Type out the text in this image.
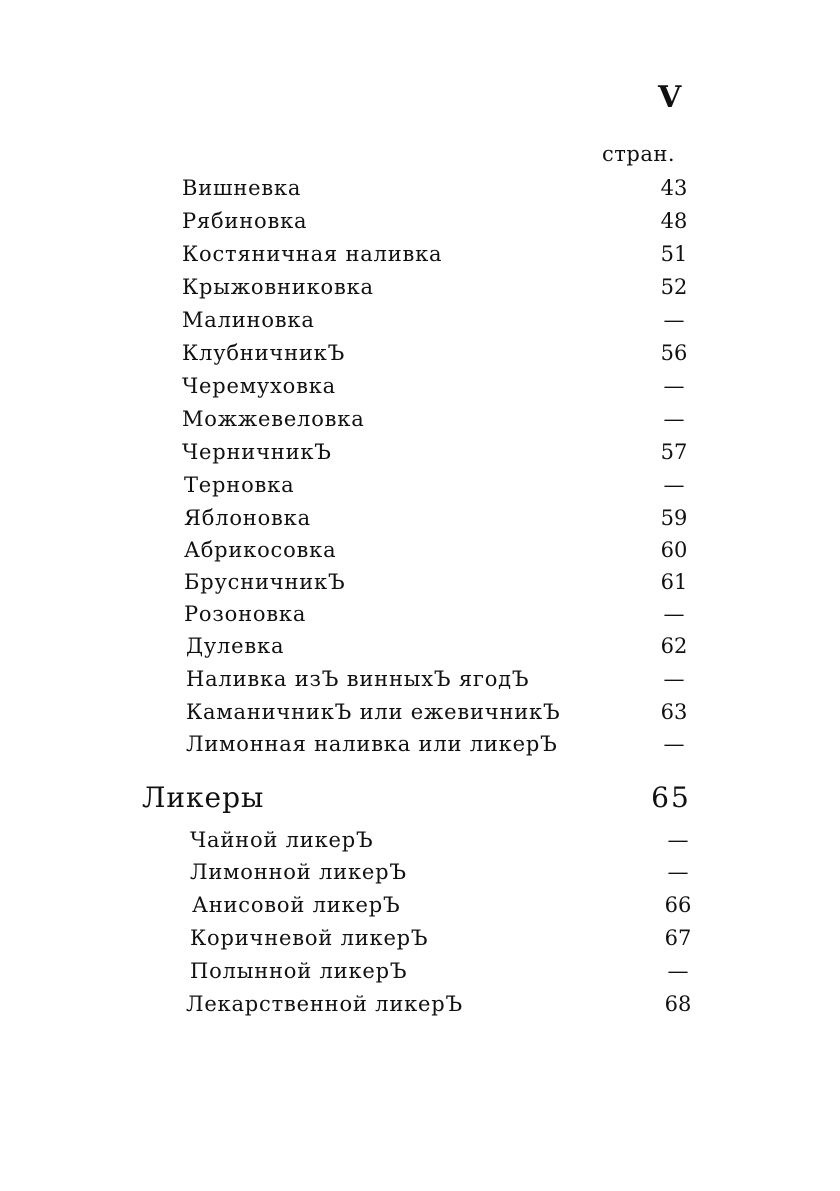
V
стран.
Вишневка	43
Рябиновка	48
Костяничная наливка	51
Крыжовниковка	52
Малиновка	—
КлубничникЪ	56
Черемуховка	—
Можжевеловка	—
ЧерничникЪ	57
Терновка	—
Яблоновка	59
Абрикосовка	60
БрусничникЪ	61
Розоновка	—
Дулевка	62
Наливка изЪ винныхЪ ягодЪ	—
КаманичникЪ или ежевичникЪ	63
Лимонная наливка или ликерЪ	—
Ликеры	65
Чайной ликерЪ	—
Лимонной ликерЪ	—
Анисовой ликерЪ	66
Коричневой ликерЪ	67
Полынной ликерЪ	—
Лекарственной ликерЪ	68
